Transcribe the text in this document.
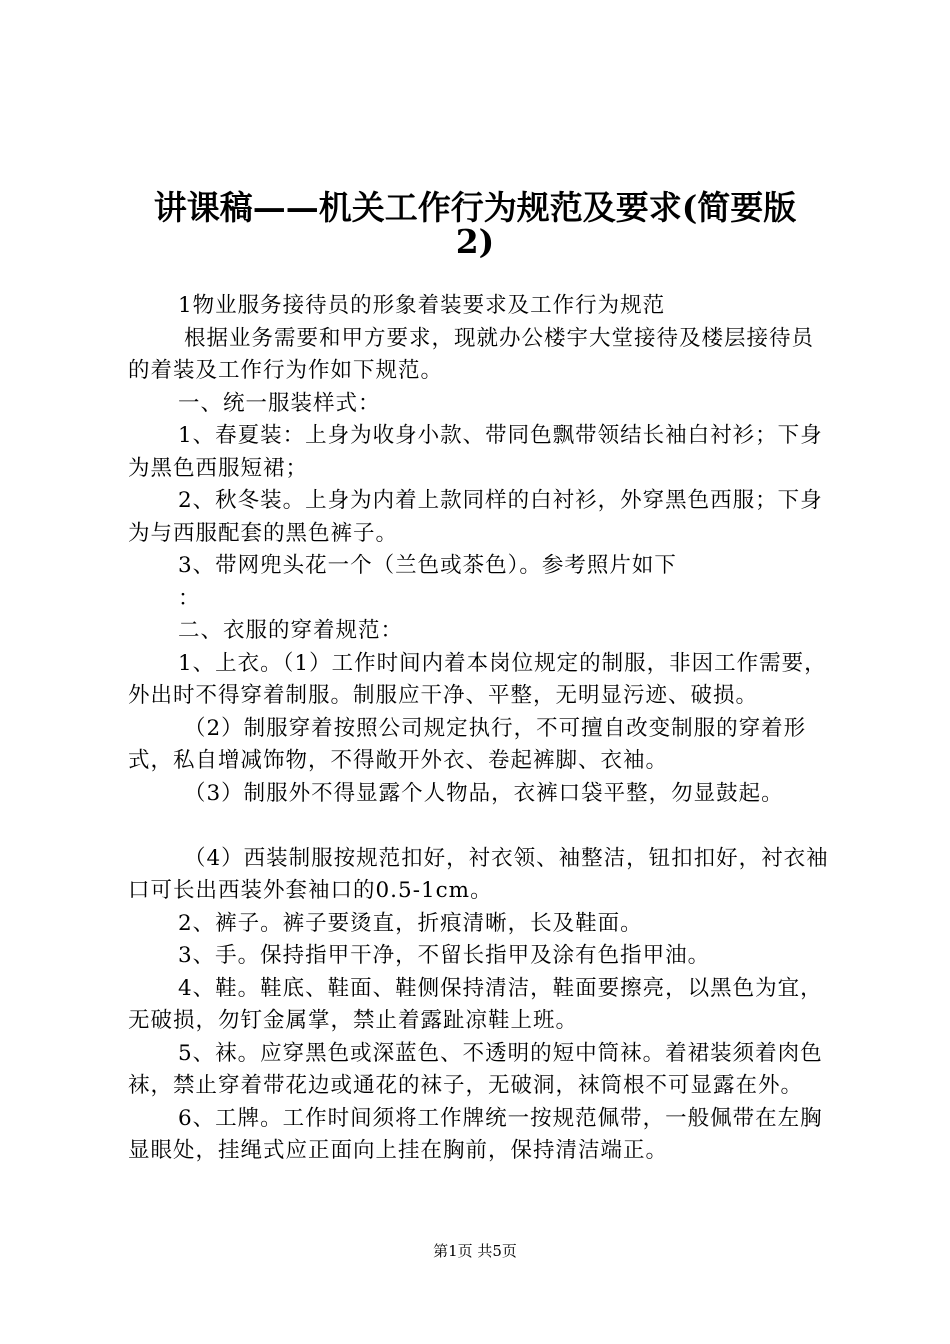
讲课稿——机关工作行为规范及要求(简要版
2)

1物业服务接待员的形象着装要求及工作行为规范

根据业务需要和甲方要求，现就办公楼宇大堂接待及楼层接待员的着装及工作行为作如下规范。

一、统一服装样式：

1、春夏装：上身为收身小款、带同色飘带领结长袖白衬衫；下身为黑色西服短裙；

2、秋冬装。上身为内着上款同样的白衬衫，外穿黑色西服；下身为与西服配套的黑色裤子。

3、带网兜头花一个（兰色或茶色）。参考照片如下

：

二、衣服的穿着规范：

1、上衣。（1）工作时间内着本岗位规定的制服，非因工作需要，外出时不得穿着制服。制服应干净、平整，无明显污迹、破损。

（2）制服穿着按照公司规定执行，不可擅自改变制服的穿着形式，私自增减饰物，不得敞开外衣、卷起裤脚、衣袖。

（3）制服外不得显露个人物品，衣裤口袋平整，勿显鼓起。

（4）西装制服按规范扣好，衬衣领、袖整洁，钮扣扣好，衬衣袖口可长出西装外套袖口的0.5-1cm。

2、裤子。裤子要烫直，折痕清晰，长及鞋面。

3、手。保持指甲干净，不留长指甲及涂有色指甲油。

4、鞋。鞋底、鞋面、鞋侧保持清洁，鞋面要擦亮，以黑色为宜，无破损，勿钉金属掌，禁止着露趾凉鞋上班。

5、袜。应穿黑色或深蓝色、不透明的短中筒袜。着裙装须着肉色袜，禁止穿着带花边或通花的袜子，无破洞，袜筒根不可显露在外。

6、工牌。工作时间须将工作牌统一按规范佩带，一般佩带在左胸显眼处，挂绳式应正面向上挂在胸前，保持清洁端正。

第1页 共5页
